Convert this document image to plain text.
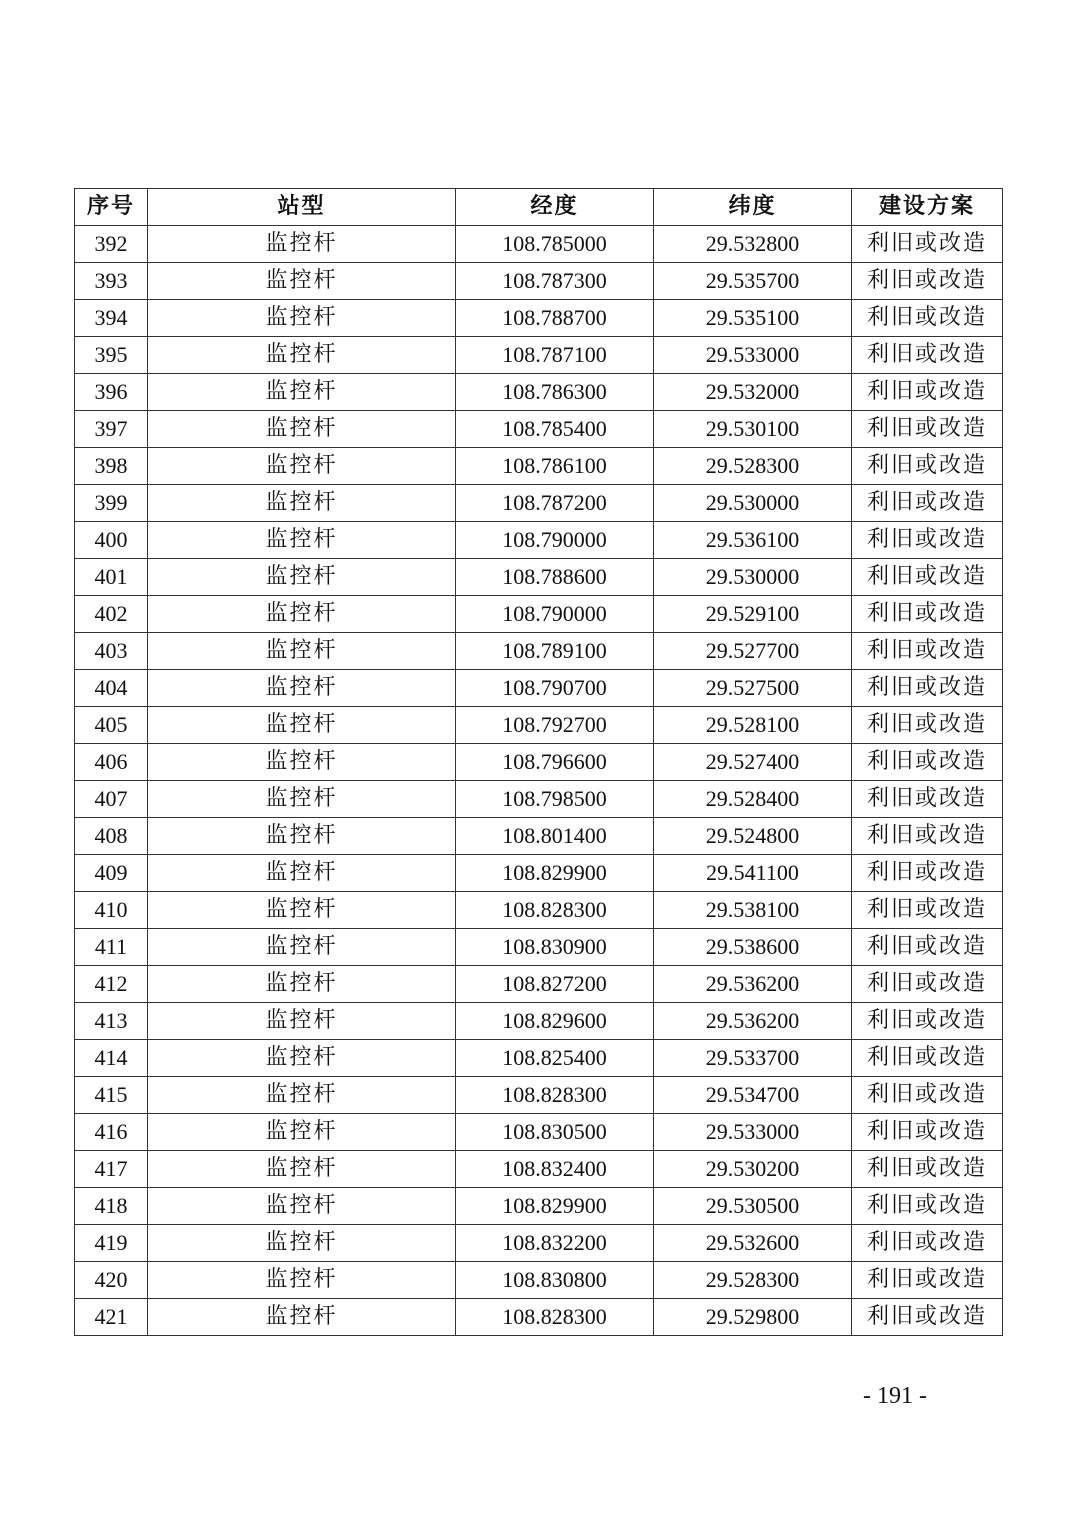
序号	站型	经度	纬度	建设方案
392	监控杆	108.785000	29.532800	利旧或改造
393	监控杆	108.787300	29.535700	利旧或改造
394	监控杆	108.788700	29.535100	利旧或改造
395	监控杆	108.787100	29.533000	利旧或改造
396	监控杆	108.786300	29.532000	利旧或改造
397	监控杆	108.785400	29.530100	利旧或改造
398	监控杆	108.786100	29.528300	利旧或改造
399	监控杆	108.787200	29.530000	利旧或改造
400	监控杆	108.790000	29.536100	利旧或改造
401	监控杆	108.788600	29.530000	利旧或改造
402	监控杆	108.790000	29.529100	利旧或改造
403	监控杆	108.789100	29.527700	利旧或改造
404	监控杆	108.790700	29.527500	利旧或改造
405	监控杆	108.792700	29.528100	利旧或改造
406	监控杆	108.796600	29.527400	利旧或改造
407	监控杆	108.798500	29.528400	利旧或改造
408	监控杆	108.801400	29.524800	利旧或改造
409	监控杆	108.829900	29.541100	利旧或改造
410	监控杆	108.828300	29.538100	利旧或改造
411	监控杆	108.830900	29.538600	利旧或改造
412	监控杆	108.827200	29.536200	利旧或改造
413	监控杆	108.829600	29.536200	利旧或改造
414	监控杆	108.825400	29.533700	利旧或改造
415	监控杆	108.828300	29.534700	利旧或改造
416	监控杆	108.830500	29.533000	利旧或改造
417	监控杆	108.832400	29.530200	利旧或改造
418	监控杆	108.829900	29.530500	利旧或改造
419	监控杆	108.832200	29.532600	利旧或改造
420	监控杆	108.830800	29.528300	利旧或改造
421	监控杆	108.828300	29.529800	利旧或改造
- 191 -
